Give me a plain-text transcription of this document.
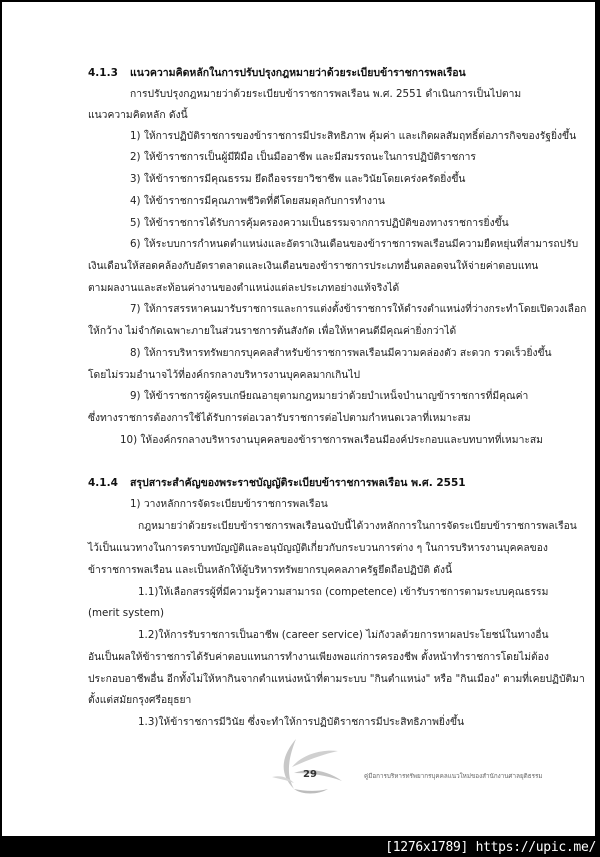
4.1.3 แนวความคิดหลักในการปรับปรุงกฎหมายว่าด้วยระเบียบข้าราชการพลเรือน
การปรับปรุงกฎหมายว่าด้วยระเบียบข้าราชการพลเรือน พ.ศ. 2551 ดำเนินการเป็นไปตาม
แนวความคิดหลัก ดังนี้
1) ให้การปฏิบัติราชการของข้าราชการมีประสิทธิภาพ คุ้มค่า และเกิดผลสัมฤทธิ์ต่อภารกิจของรัฐยิ่งขึ้น
2) ให้ข้าราชการเป็นผู้มีฝีมือ เป็นมืออาชีพ และมีสมรรถนะในการปฏิบัติราชการ
3) ให้ข้าราชการมีคุณธรรม ยึดถือจรรยาวิชาชีพ และวินัยโดยเคร่งครัดยิ่งขึ้น
4) ให้ข้าราชการมีคุณภาพชีวิตที่ดีโดยสมดุลกับการทำงาน
5) ให้ข้าราชการได้รับการคุ้มครองความเป็นธรรมจากการปฏิบัติของทางราชการยิ่งขึ้น
6) ให้ระบบการกำหนดตำแหน่งและอัตราเงินเดือนของข้าราชการพลเรือนมีความยืดหยุ่นที่สามารถปรับ
เงินเดือนให้สอดคล้องกับอัตราตลาดและเงินเดือนของข้าราชการประเภทอื่นตลอดจนให้จ่ายค่าตอบแทน
ตามผลงานและสะท้อนค่างานของตำแหน่งแต่ละประเภทอย่างแท้จริงได้
7) ให้การสรรหาคนมารับราชการและการแต่งตั้งข้าราชการให้ดำรงตำแหน่งที่ว่างกระทำโดยเปิดวงเลือก
ให้กว้าง ไม่จำกัดเฉพาะภายในส่วนราชการต้นสังกัด เพื่อให้หาคนดีมีคุณค่ายิ่งกว่าได้
8) ให้การบริหารทรัพยากรบุคคลสำหรับข้าราชการพลเรือนมีความคล่องตัว สะดวก รวดเร็วยิ่งขึ้น
โดยไม่รวมอำนาจไว้ที่องค์กรกลางบริหารงานบุคคลมากเกินไป
9) ให้ข้าราชการผู้ครบเกษียณอายุตามกฎหมายว่าด้วยบำเหน็จบำนาญข้าราชการที่มีคุณค่า
ซึ่งทางราชการต้องการใช้ได้รับการต่อเวลารับราชการต่อไปตามกำหนดเวลาที่เหมาะสม
10) ให้องค์กรกลางบริหารงานบุคคลของข้าราชการพลเรือนมีองค์ประกอบและบทบาทที่เหมาะสม
4.1.4 สรุปสาระสำคัญของพระราชบัญญัติระเบียบข้าราชการพลเรือน พ.ศ. 2551
1) วางหลักการจัดระเบียบข้าราชการพลเรือน
กฎหมายว่าด้วยระเบียบข้าราชการพลเรือนฉบับนี้ได้วางหลักการในการจัดระเบียบข้าราชการพลเรือน
ไว้เป็นแนวทางในการตราบทบัญญัติและอนุบัญญัติเกี่ยวกับกระบวนการต่าง ๆ ในการบริหารงานบุคคลของ
ข้าราชการพลเรือน และเป็นหลักให้ผู้บริหารทรัพยากรบุคคลภาครัฐยึดถือปฏิบัติ ดังนี้
1.1)ให้เลือกสรรผู้ที่มีความรู้ความสามารถ (competence) เข้ารับราชการตามระบบคุณธรรม
(merit system)
1.2)ให้การรับราชการเป็นอาชีพ (career service) ไม่กังวลด้วยการหาผลประโยชน์ในทางอื่น
อันเป็นผลให้ข้าราชการได้รับค่าตอบแทนการทำงานเพียงพอแก่การครองชีพ ตั้งหน้าทำราชการโดยไม่ต้อง
ประกอบอาชีพอื่น อีกทั้งไม่ให้หากินจากตำแหน่งหน้าที่ตามระบบ "กินตำแหน่ง" หรือ "กินเมือง" ตามที่เคยปฏิบัติมา
ตั้งแต่สมัยกรุงศรีอยุธยา
1.3)ให้ข้าราชการมีวินัย ซึ่งจะทำให้การปฏิบัติราชการมีประสิทธิภาพยิ่งขึ้น
29	คู่มือการบริหารทรัพยากรบุคคลแนวใหม่ของสำนักงานศาลยุติธรรม
[1276x1789] https://upic.me/
